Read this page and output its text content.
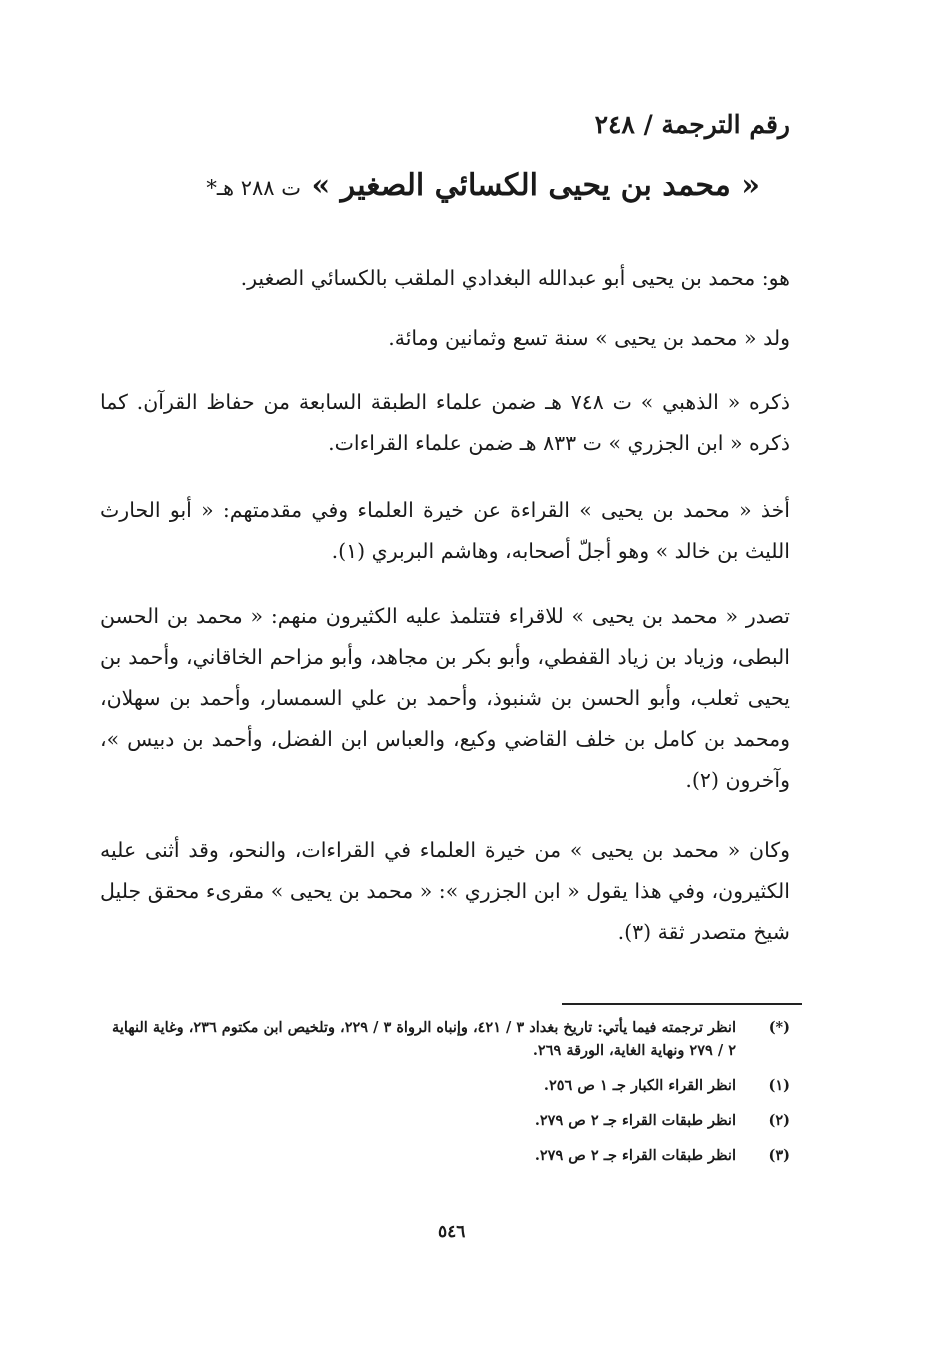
رقم الترجمة / ٢٤٨
« محمد بن يحيى الكسائي الصغير » ت ٢٨٨ هـ*

هو: محمد بن يحيى أبو عبدالله البغدادي الملقب بالكسائي الصغير.

ولد « محمد بن يحيى » سنة تسع وثمانين ومائة.

ذكره « الذهبي » ت ٧٤٨ هـ ضمن علماء الطبقة السابعة من حفاظ القرآن. كما ذكره « ابن الجزري » ت ٨٣٣ هـ ضمن علماء القراءات.

أخذ « محمد بن يحيى » القراءة عن خيرة العلماء وفي مقدمتهم: « أبو الحارث الليث بن خالد » وهو أجلّ أصحابه، وهاشم البربري (١).

تصدر « محمد بن يحيى » للاقراء فتتلمذ عليه الكثيرون منهم: « محمد بن الحسن البطى، وزياد بن زياد القفطي، وأبو بكر بن مجاهد، وأبو مزاحم الخاقاني، وأحمد بن يحيى ثعلب، وأبو الحسن بن شنبوذ، وأحمد بن علي السمسار، وأحمد بن سهلان، ومحمد بن كامل بن خلف القاضي وكيع، والعباس ابن الفضل، وأحمد بن دبيس »، وآخرون (٢).

وكان « محمد بن يحيى » من خيرة العلماء في القراءات، والنحو، وقد أثنى عليه الكثيرون، وفي هذا يقول « ابن الجزري »: « محمد بن يحيى » مقرىء محقق جليل شيخ متصدر ثقة (٣).

(*)
انظر ترجمته فيما يأتي: تاريخ بغداد ٣ / ٤٢١، وإنباه الرواة ٣ / ٢٢٩، وتلخيص ابن مكتوم ٢٣٦، وغاية النهاية ٢ / ٢٧٩ ونهاية الغاية، الورقة ٢٦٩.
(١)
انظر القراء الكبار جـ ١ ص ٢٥٦.
(٢)
انظر طبقات القراء جـ ٢ ص ٢٧٩.
(٣)
انظر طبقات القراء جـ ٢ ص ٢٧٩.
٥٤٦
